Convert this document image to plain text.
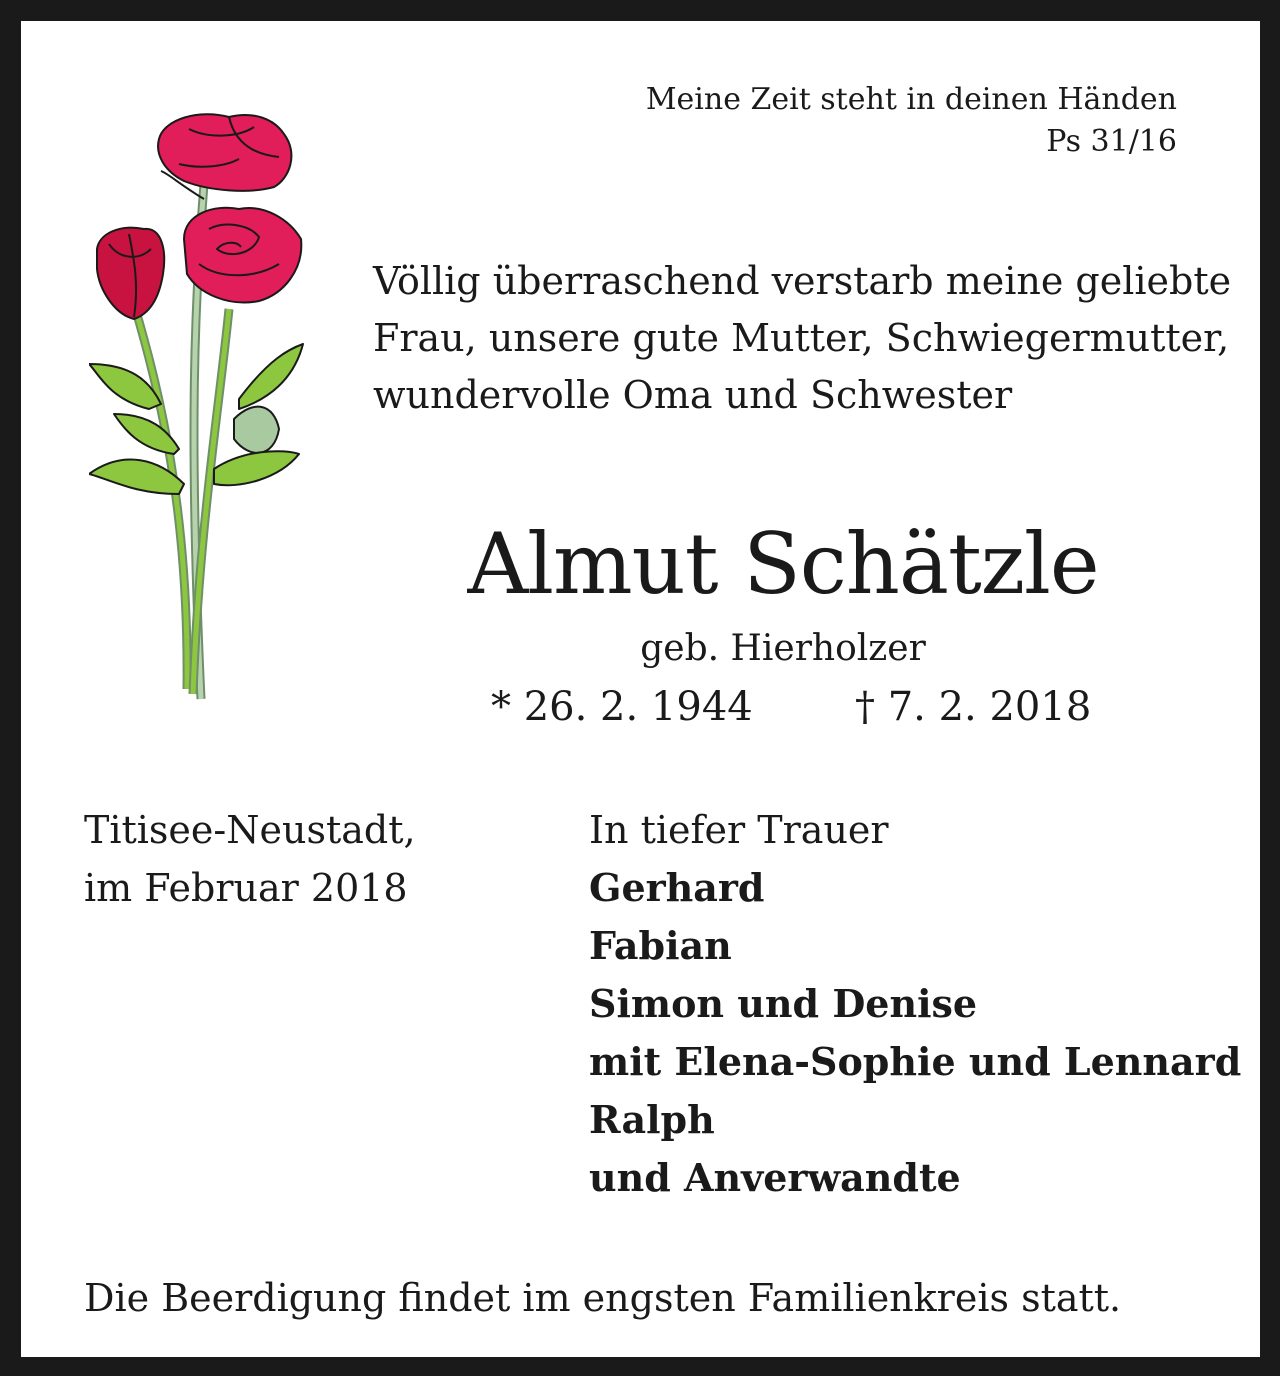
Meine Zeit steht in deinen Händen
Ps 31/16
Völlig überraschend verstarb meine geliebte
Frau, unsere gute Mutter, Schwiegermutter,
wundervolle Oma und Schwester
Almut Schätzle
geb. Hierholzer
* 26. 2. 1944	† 7. 2. 2018
Titisee-Neustadt,
im Februar 2018
In tiefer Trauer
Gerhard
Fabian
Simon und Denise
mit Elena-Sophie und Lennard
Ralph
und Anverwandte
Die Beerdigung findet im engsten Familienkreis statt.
